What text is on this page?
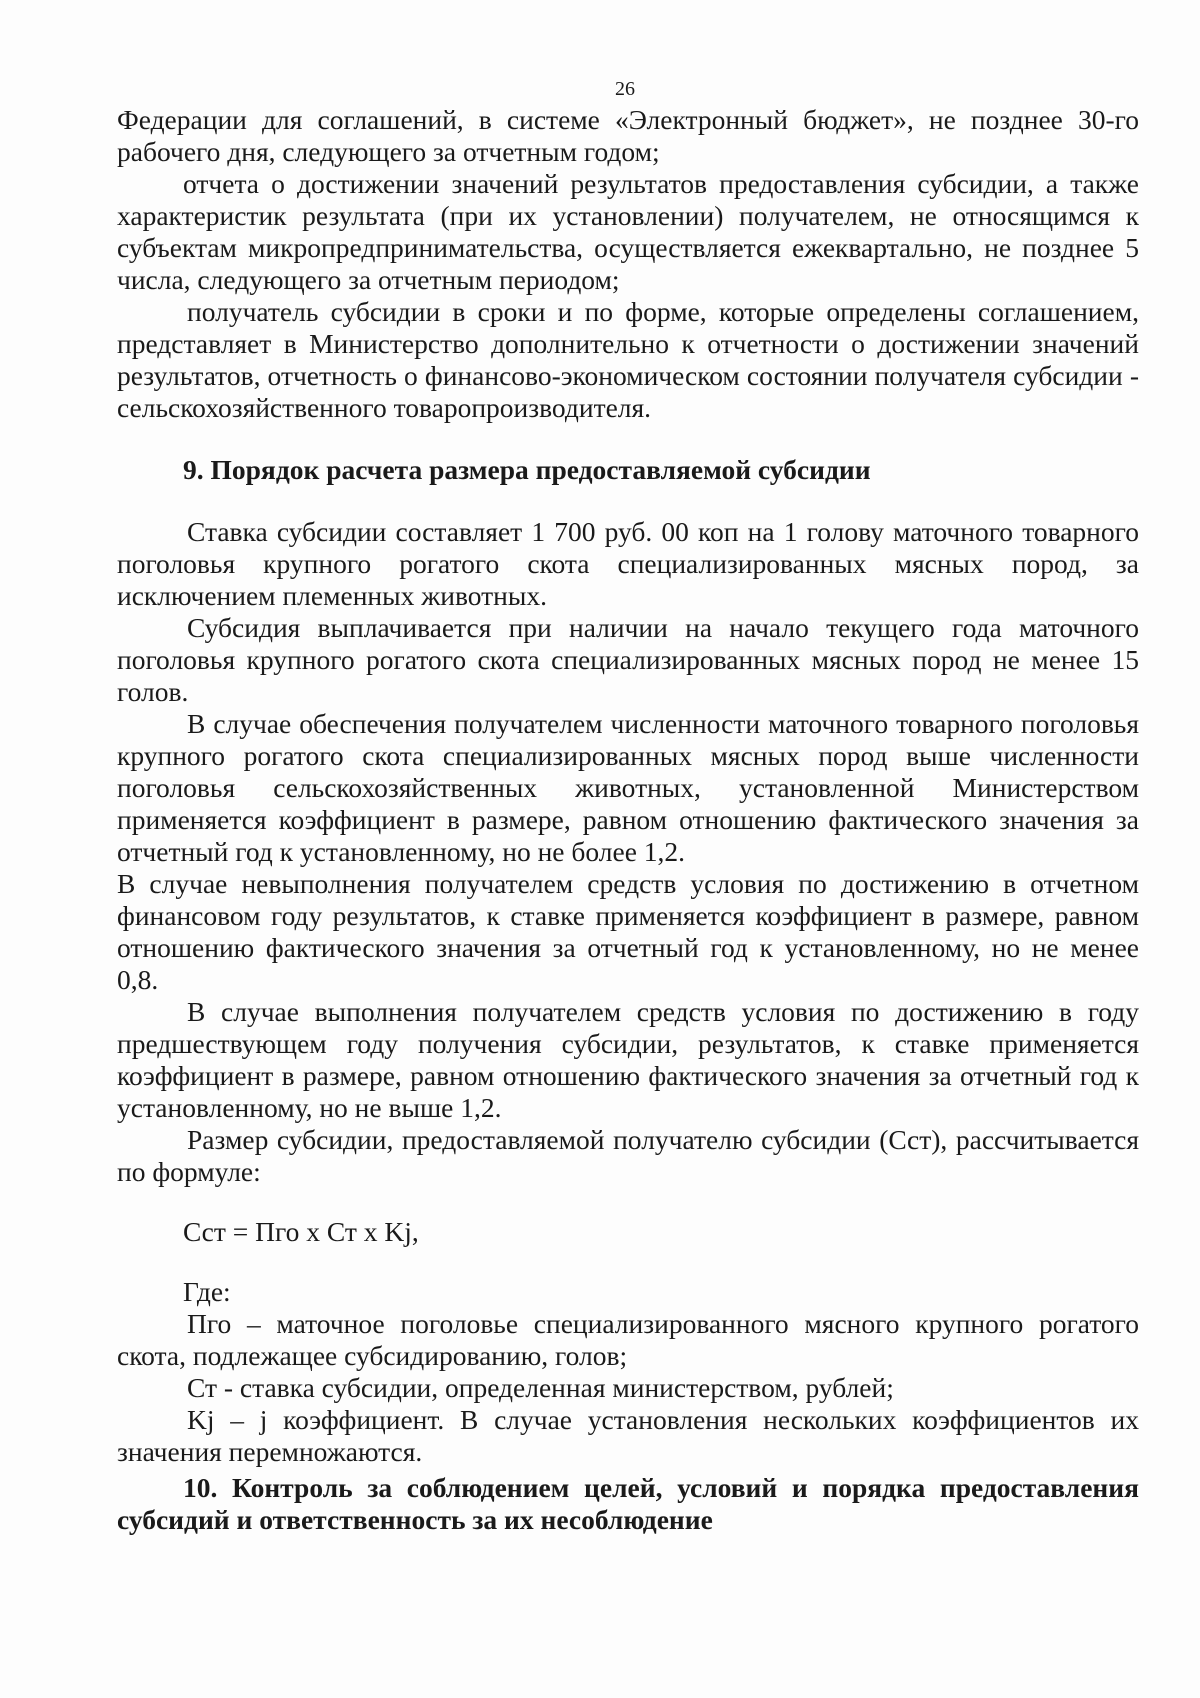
26

Федерации для соглашений, в системе «Электронный бюджет», не позднее 30-го рабочего дня, следующего за отчетным годом;

отчета о достижении значений результатов предоставления субсидии, а также характеристик результата (при их установлении) получателем, не относящимся к субъектам микропредпринимательства, осуществляется ежеквартально, не позднее 5 числа, следующего за отчетным периодом;

получатель субсидии в сроки и по форме, которые определены соглашением, представляет в Министерство дополнительно к отчетности о достижении значений результатов, отчетность о финансово-экономическом состоянии получателя субсидии - сельскохозяйственного товаропроизводителя.

9. Порядок расчета размера предоставляемой субсидии

Ставка субсидии составляет 1 700 руб. 00 коп на 1 голову маточного товарного поголовья крупного рогатого скота специализированных мясных пород, за исключением племенных животных.

Субсидия выплачивается при наличии на начало текущего года маточного поголовья крупного рогатого скота специализированных мясных пород не менее 15 голов.

В случае обеспечения получателем численности маточного товарного поголовья крупного рогатого скота специализированных мясных пород выше численности поголовья сельскохозяйственных животных, установленной Министерством применяется коэффициент в размере, равном отношению фактического значения за отчетный год к установленному, но не более 1,2.

В случае невыполнения получателем средств условия по достижению в отчетном финансовом году результатов, к ставке применяется коэффициент в размере, равном отношению фактического значения за отчетный год к установленному, но не менее 0,8.

В случае выполнения получателем средств условия по достижению в году предшествующем году получения субсидии, результатов, к ставке применяется коэффициент в размере, равном отношению фактического значения за отчетный год к установленному, но не выше 1,2.

Размер субсидии, предоставляемой получателю субсидии (Сст), рассчитывается по формуле:

Сст = Пго х Ст х Kj,

Где:

Пго – маточное поголовье специализированного мясного крупного рогатого скота, подлежащее субсидированию, голов;

Ст - ставка субсидии, определенная министерством, рублей;

Kj – j коэффициент. В случае установления нескольких коэффициентов их значения перемножаются.

10. Контроль за соблюдением целей, условий и порядка предоставления субсидий и ответственность за их несоблюдение
